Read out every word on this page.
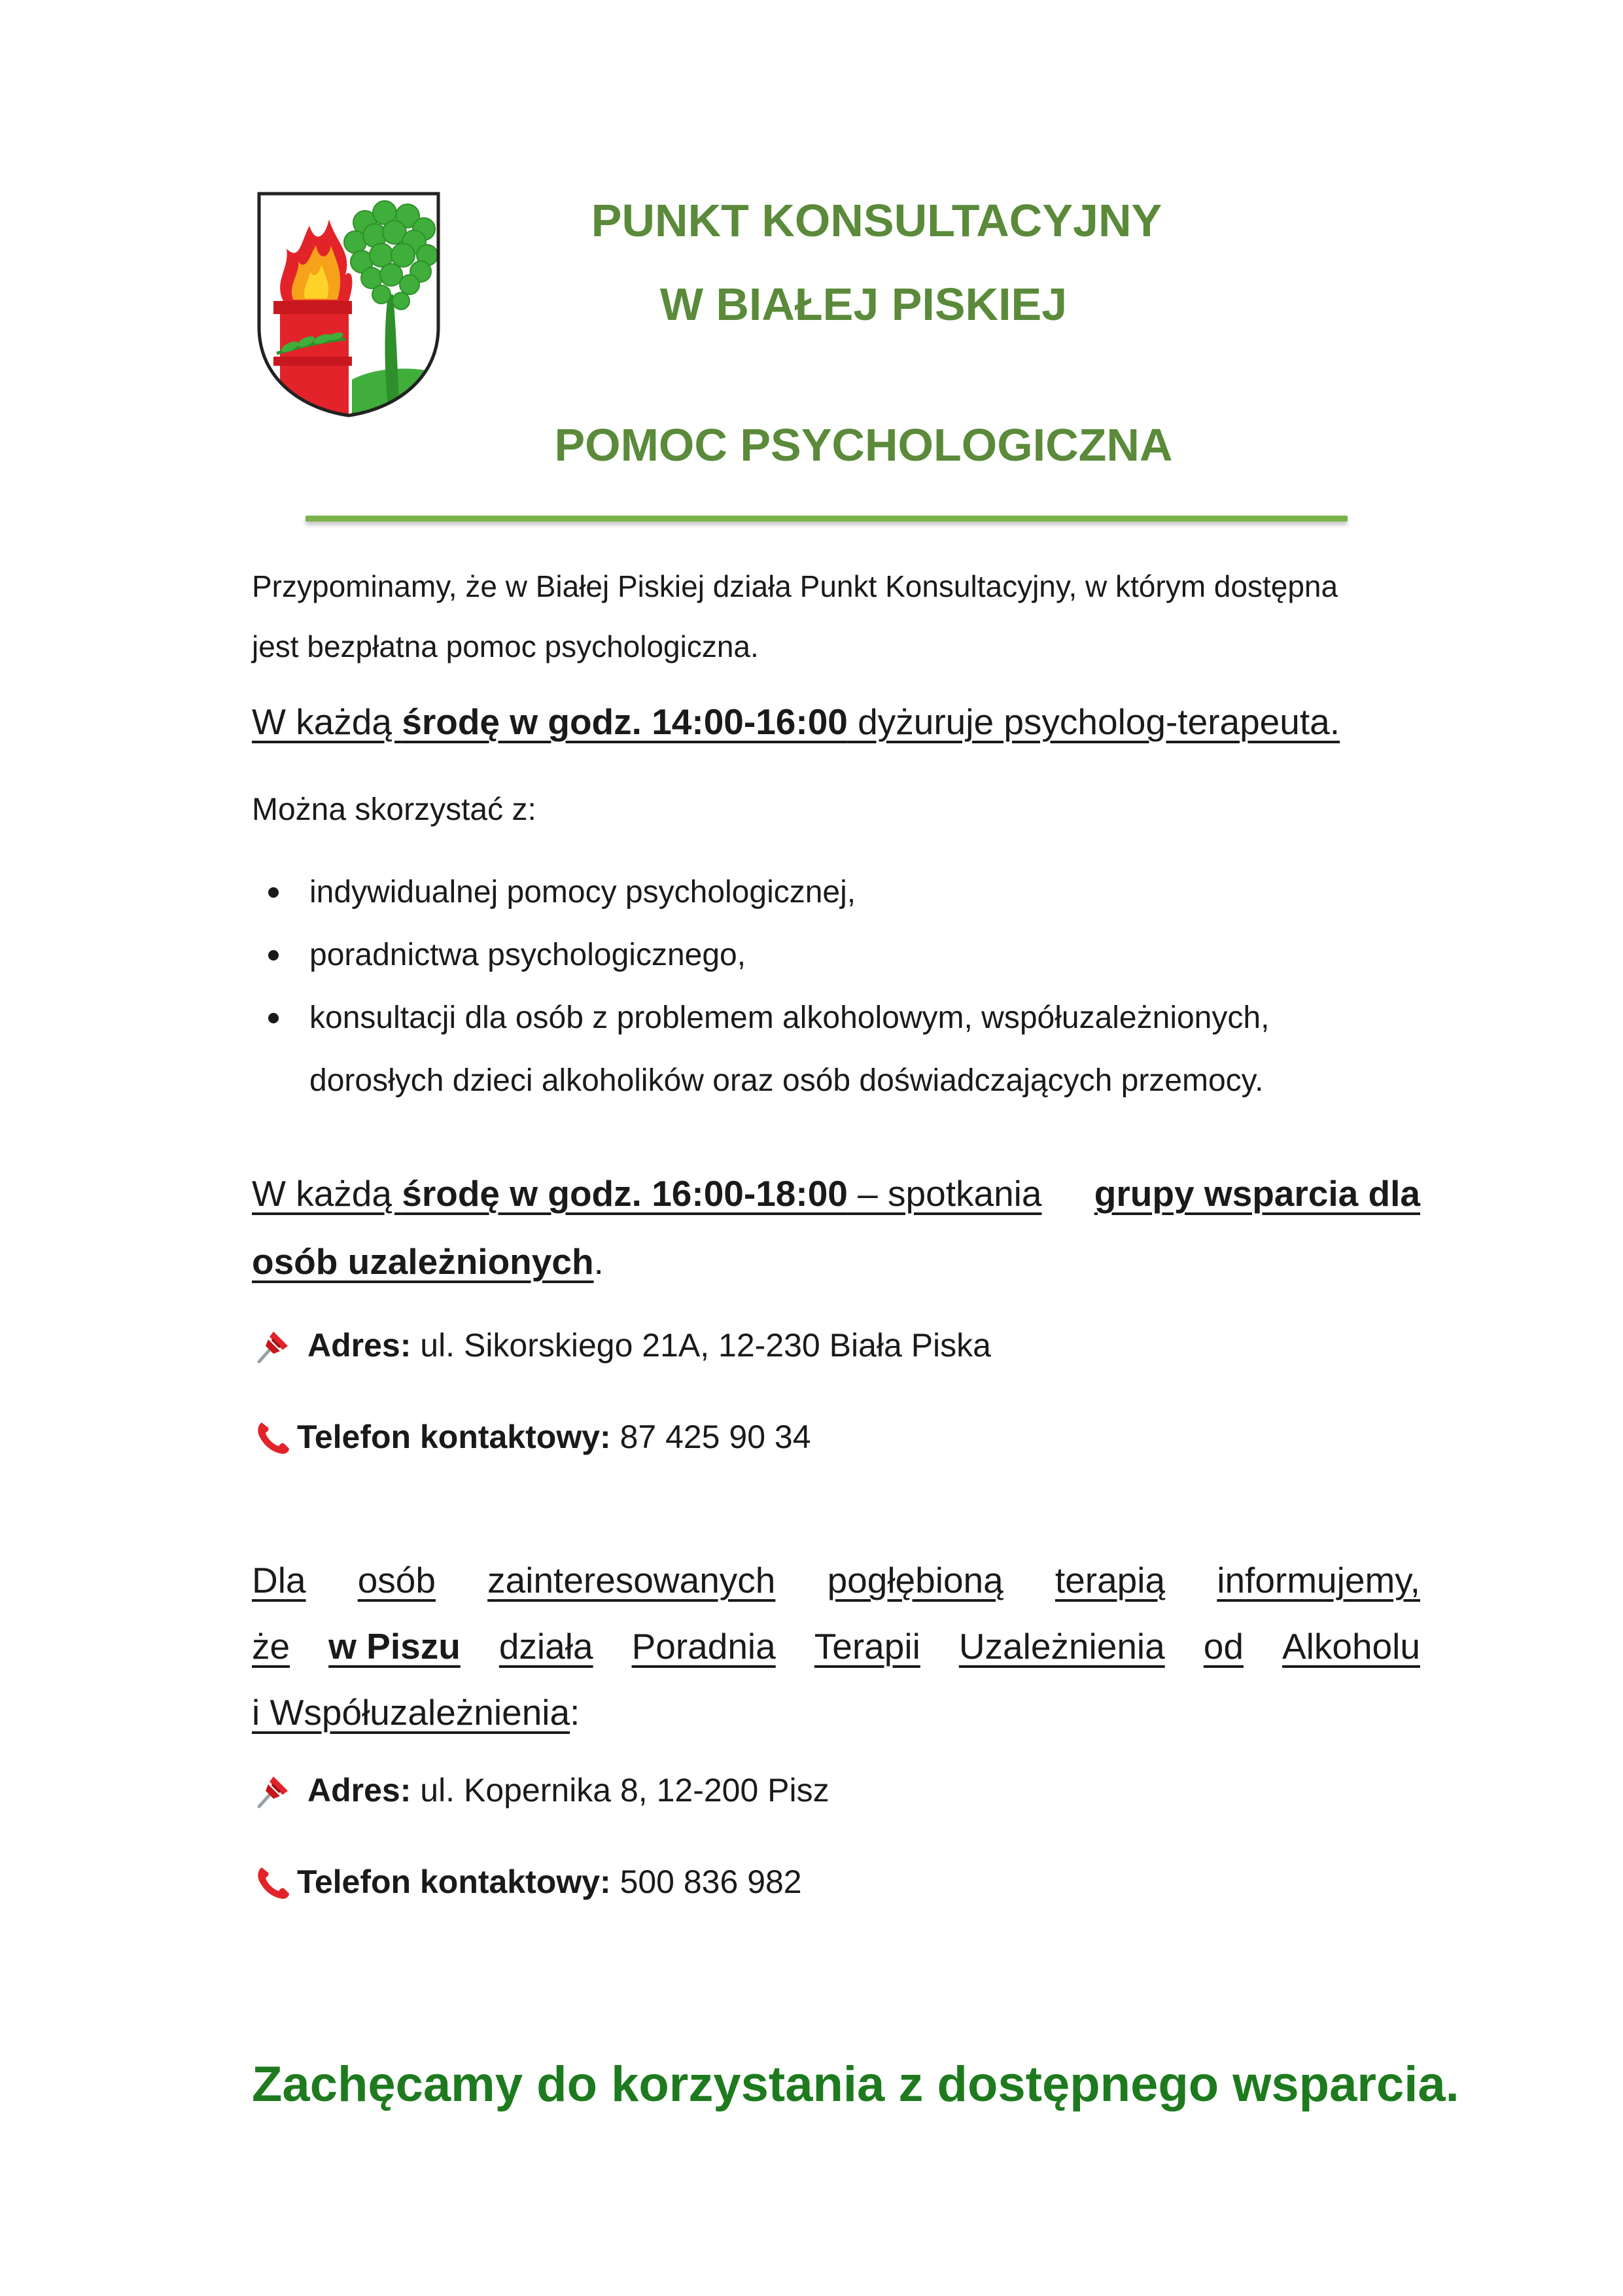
PUNKT KONSULTACYJNY
W BIAŁEJ PISKIEJ
POMOC PSYCHOLOGICZNA
Przypominamy, że w Białej Piskiej działa Punkt Konsultacyjny, w którym dostępna
jest bezpłatna pomoc psychologiczna.
W każdą środę w godz. 14:00-16:00 dyżuruje psycholog-terapeuta.
Można skorzystać z:
indywidualnej pomocy psychologicznej,
poradnictwa psychologicznego,
konsultacji dla osób z problemem alkoholowym, współuzależnionych,
dorosłych dzieci alkoholików oraz osób doświadczających przemocy.
W każdą środę w godz. 16:00-18:00 – spotkania grupy wsparcia dla
osób uzależnionych.
Adres: ul. Sikorskiego 21A, 12-230 Biała Piska
Telefon kontaktowy: 87 425 90 34
Dla osób zainteresowanych pogłębioną terapią informujemy,
że w Piszu działa Poradnia Terapii Uzależnienia od Alkoholu
i Współuzależnienia:
Adres: ul. Kopernika 8, 12-200 Pisz
Telefon kontaktowy: 500 836 982
Zachęcamy do korzystania z dostępnego wsparcia.
